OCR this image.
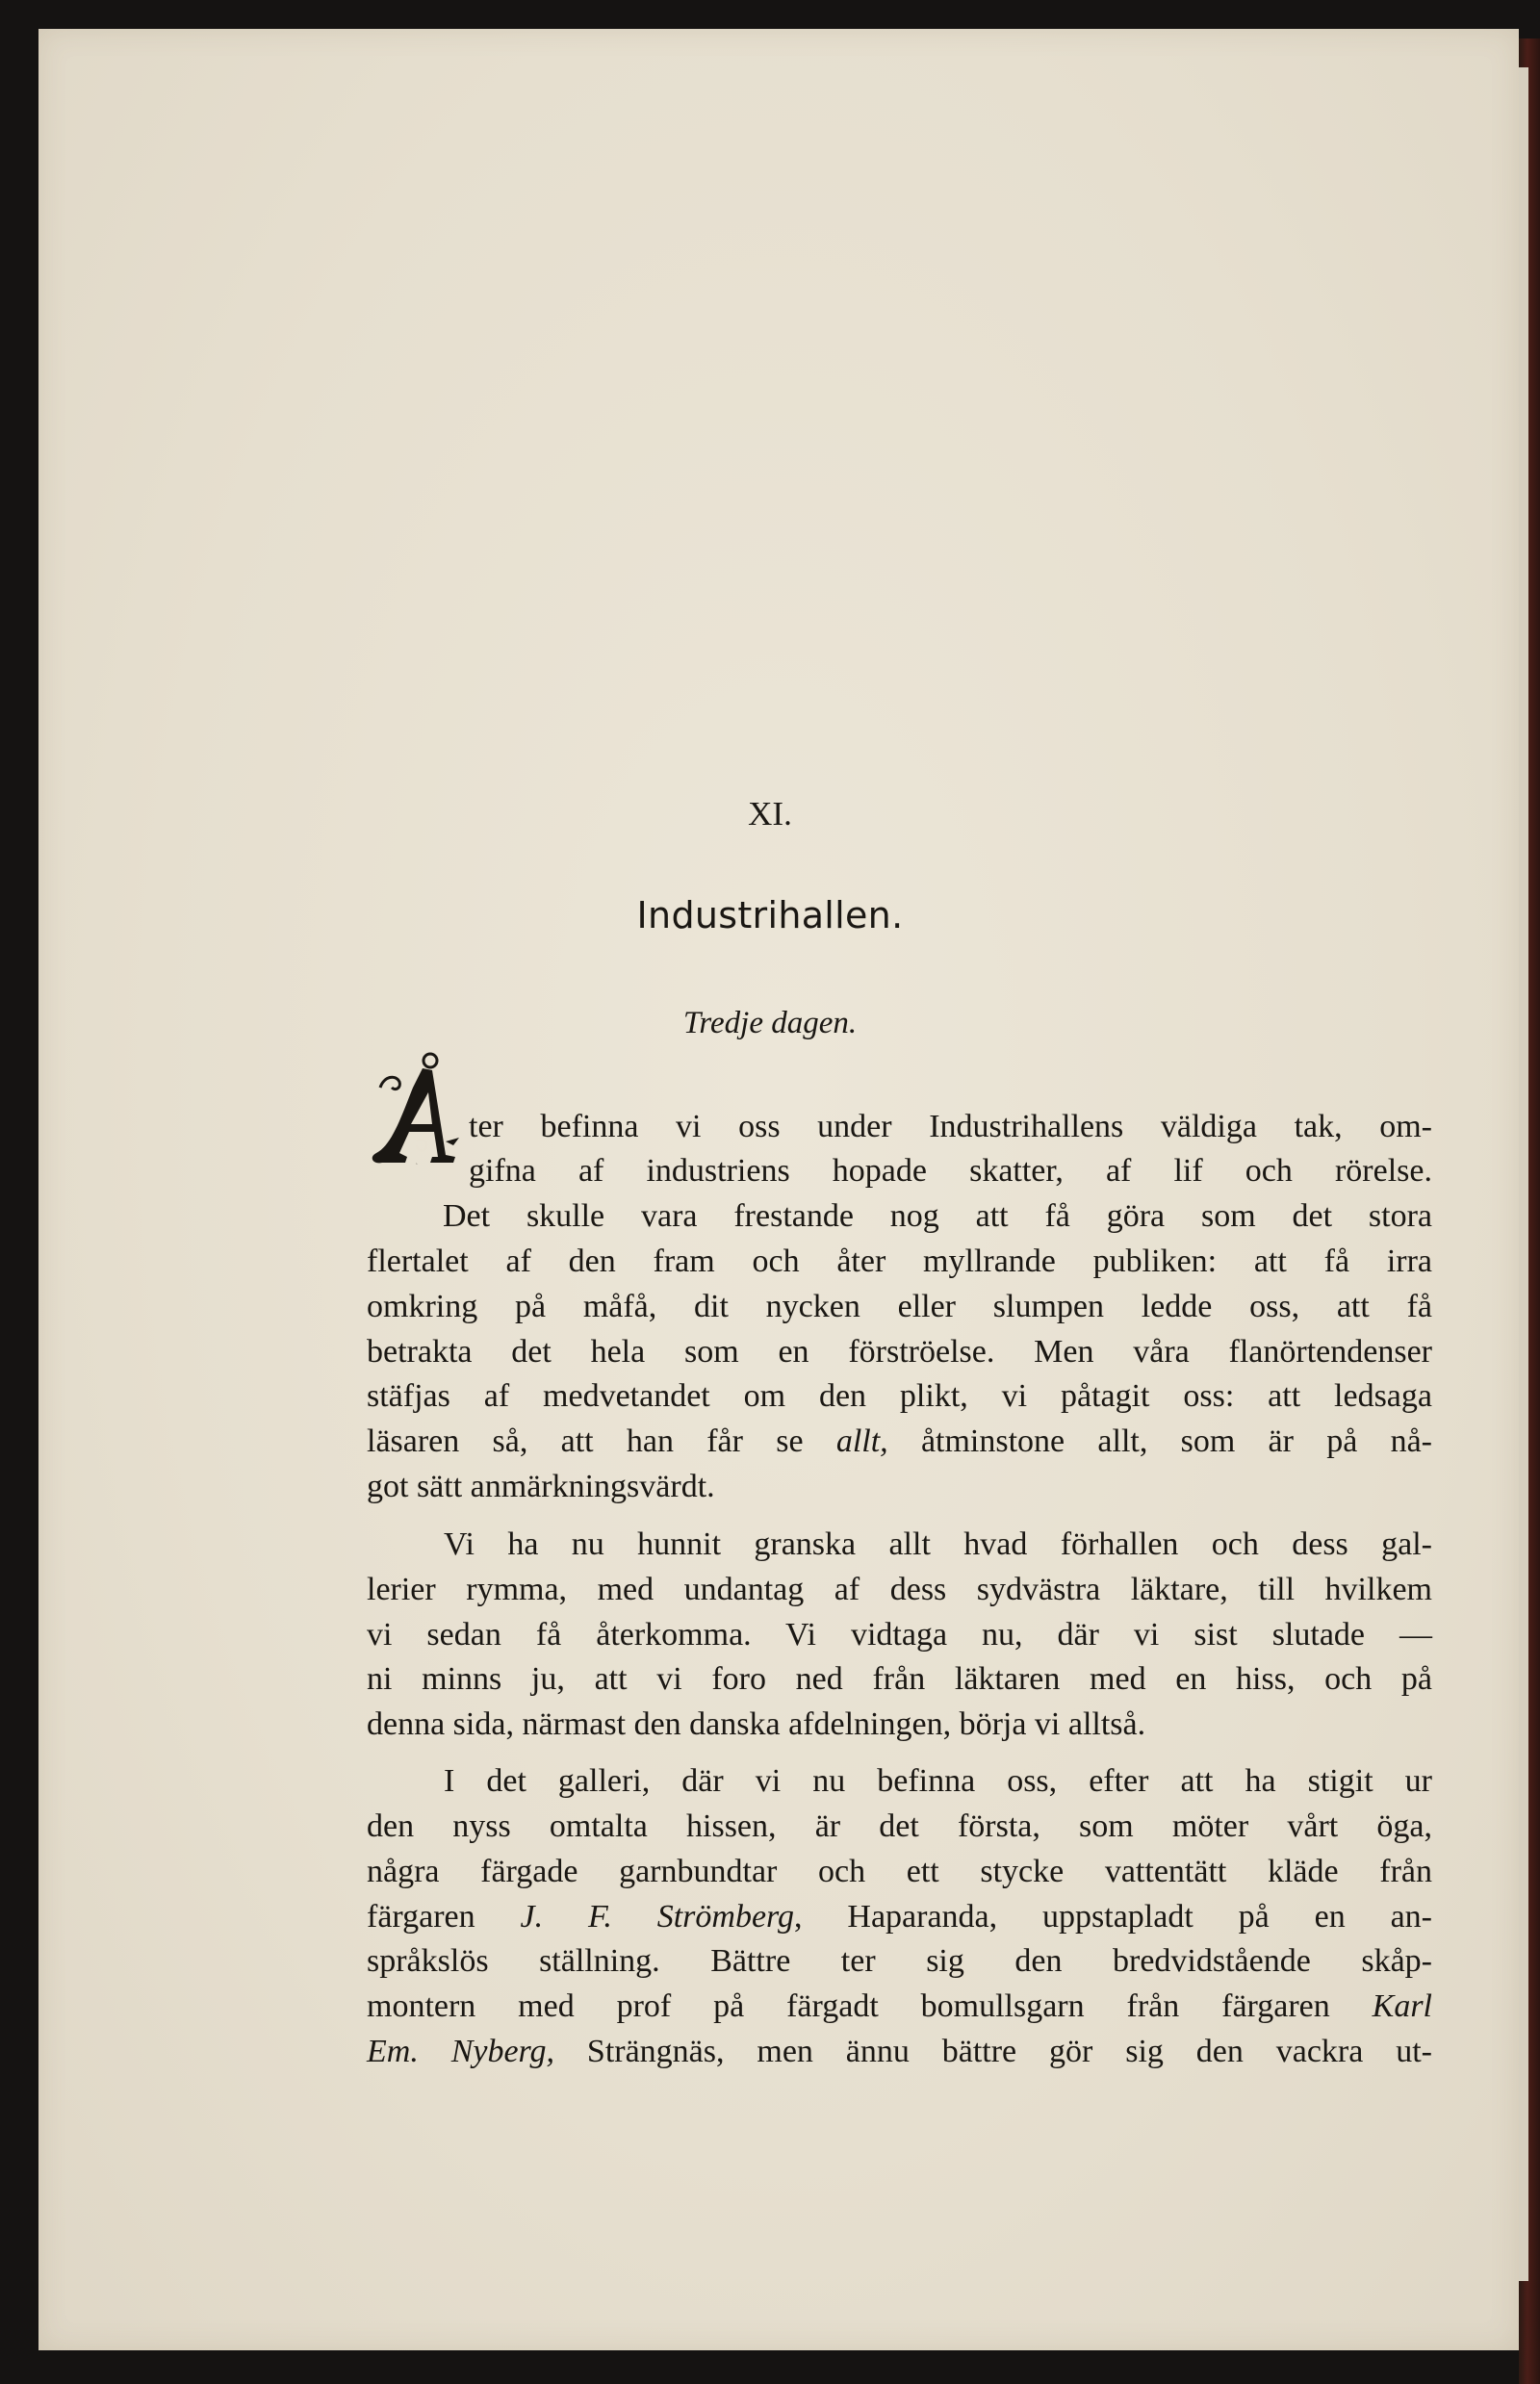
XI.
Industrihallen.
Tredje dagen.
Å
ter befinna vi oss under Industrihallens väldiga tak, om-
gifna af industriens hopade skatter, af lif och rörelse.
Det skulle vara frestande nog att få göra som det stora
flertalet af den fram och åter myllrande publiken: att få irra
omkring på måfå, dit nycken eller slumpen ledde oss, att få
betrakta det hela som en förströelse. Men våra flanörtendenser
stäfjas af medvetandet om den plikt, vi påtagit oss: att ledsaga
läsaren så, att han får se allt, åtminstone allt, som är på nå-
got sätt anmärkningsvärdt.
Vi ha nu hunnit granska allt hvad förhallen och dess gal-
lerier rymma, med undantag af dess sydvästra läktare, till hvilkem
vi sedan få återkomma. Vi vidtaga nu, där vi sist slutade —
ni minns ju, att vi foro ned från läktaren med en hiss, och på
denna sida, närmast den danska afdelningen, börja vi alltså.
I det galleri, där vi nu befinna oss, efter att ha stigit ur
den nyss omtalta hissen, är det första, som möter vårt öga,
några färgade garnbundtar och ett stycke vattentätt kläde från
färgaren J. F. Strömberg, Haparanda, uppstapladt på en an-
språkslös ställning. Bättre ter sig den bredvidstående skåp-
montern med prof på färgadt bomullsgarn från färgaren Karl
Em. Nyberg, Strängnäs, men ännu bättre gör sig den vackra ut-
